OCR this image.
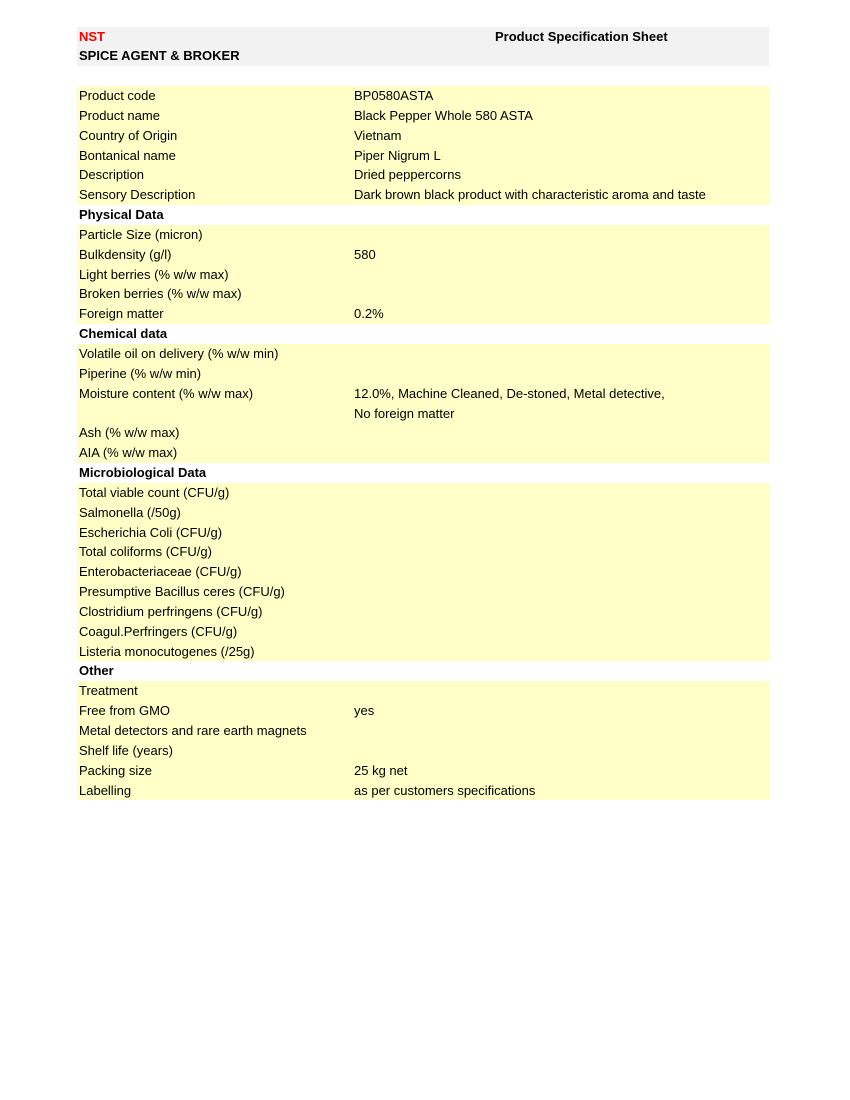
NST
SPICE AGENT & BROKER
Product Specification Sheet
Product code	BP0580ASTA
Product name	Black Pepper Whole 580 ASTA
Country of Origin	Vietnam
Bontanical name	Piper Nigrum L
Description	Dried peppercorns
Sensory Description	Dark brown black product with characteristic aroma and taste
Physical Data
Particle Size (micron)
Bulkdensity (g/l)	580
Light berries (% w/w max)
Broken berries (% w/w max)
Foreign matter	0.2%
Chemical data
Volatile oil on delivery (% w/w min)
Piperine (% w/w min)
Moisture content (% w/w max)	12.0%, Machine Cleaned, De-stoned, Metal detective,
No foreign matter
Ash (% w/w max)
AIA (% w/w max)
Microbiological Data
Total viable count (CFU/g)
Salmonella (/50g)
Escherichia Coli (CFU/g)
Total coliforms (CFU/g)
Enterobacteriaceae (CFU/g)
Presumptive Bacillus ceres (CFU/g)
Clostridium perfringens (CFU/g)
Coagul.Perfringers (CFU/g)
Listeria monocutogenes (/25g)
Other
Treatment
Free from GMO	yes
Metal detectors and rare earth magnets
Shelf life (years)
Packing size	25 kg net
Labelling	as per customers specifications
